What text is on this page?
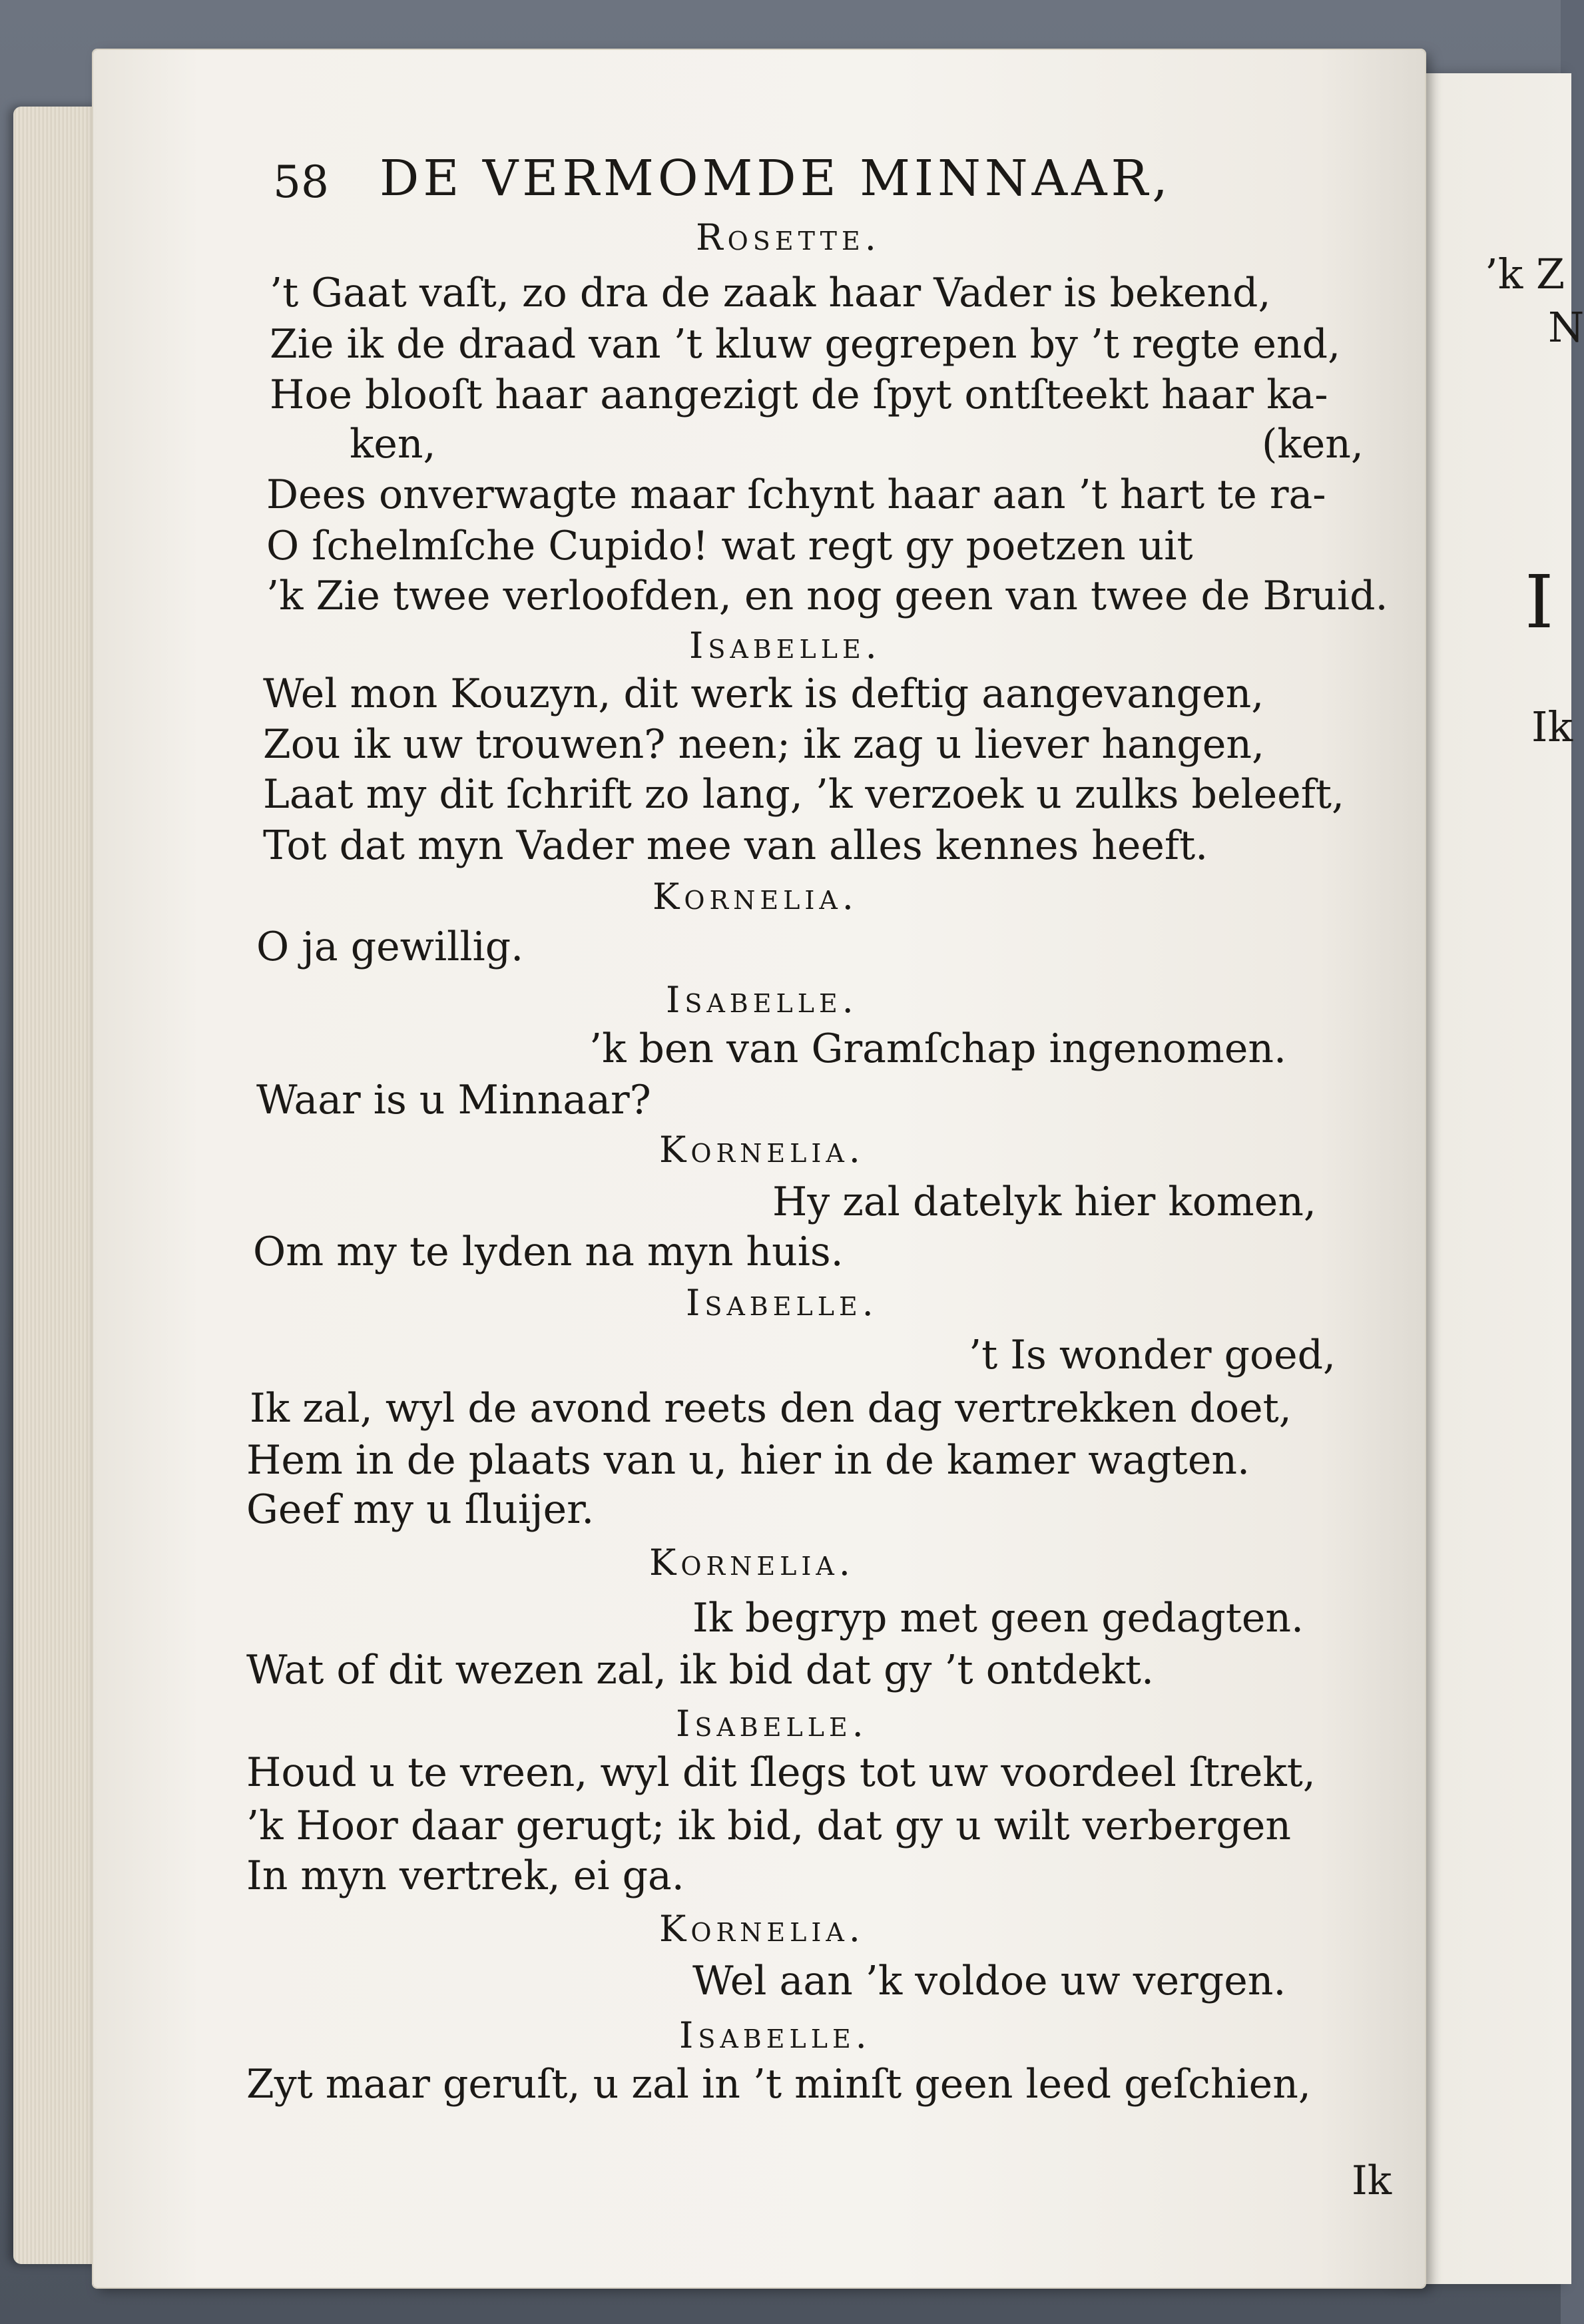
’k Z
N
I
Ik
58 DE VERMOMDE MINNAAR,
Rosette.
’t Gaat vaſt, zo dra de zaak haar Vader is bekend,
Zie ik de draad van ’t kluw gegrepen by ’t regte end,
Hoe blooſt haar aangezigt de ſpyt ontſteekt haar ka-
ken,	(ken,
Dees onverwagte maar ſchynt haar aan ’t hart te ra-
O ſchelmſche Cupido! wat regt gy poetzen uit
’k Zie twee verloofden, en nog geen van twee de Bruid.
Isabelle.
Wel mon Kouzyn, dit werk is deftig aangevangen,
Zou ik uw trouwen? neen; ik zag u liever hangen,
Laat my dit ſchrift zo lang, ’k verzoek u zulks beleeft,
Tot dat myn Vader mee van alles kennes heeft.
Kornelia.
O ja gewillig.
Isabelle.
’k ben van Gramſchap ingenomen.
Waar is u Minnaar?
Kornelia.
Hy zal datelyk hier komen,
Om my te lyden na myn huis.
Isabelle.
’t Is wonder goed,
Ik zal, wyl de avond reets den dag vertrekken doet,
Hem in de plaats van u, hier in de kamer wagten.
Geef my u ſluijer.
Kornelia.
Ik begryp met geen gedagten.
Wat of dit wezen zal, ik bid dat gy ’t ontdekt.
Isabelle.
Houd u te vreen, wyl dit ſlegs tot uw voordeel ſtrekt,
’k Hoor daar gerugt; ik bid, dat gy u wilt verbergen
In myn vertrek, ei ga.
Kornelia.
Wel aan ’k voldoe uw vergen.
Isabelle.
Zyt maar geruſt, u zal in ’t minſt geen leed geſchien,
Ik
